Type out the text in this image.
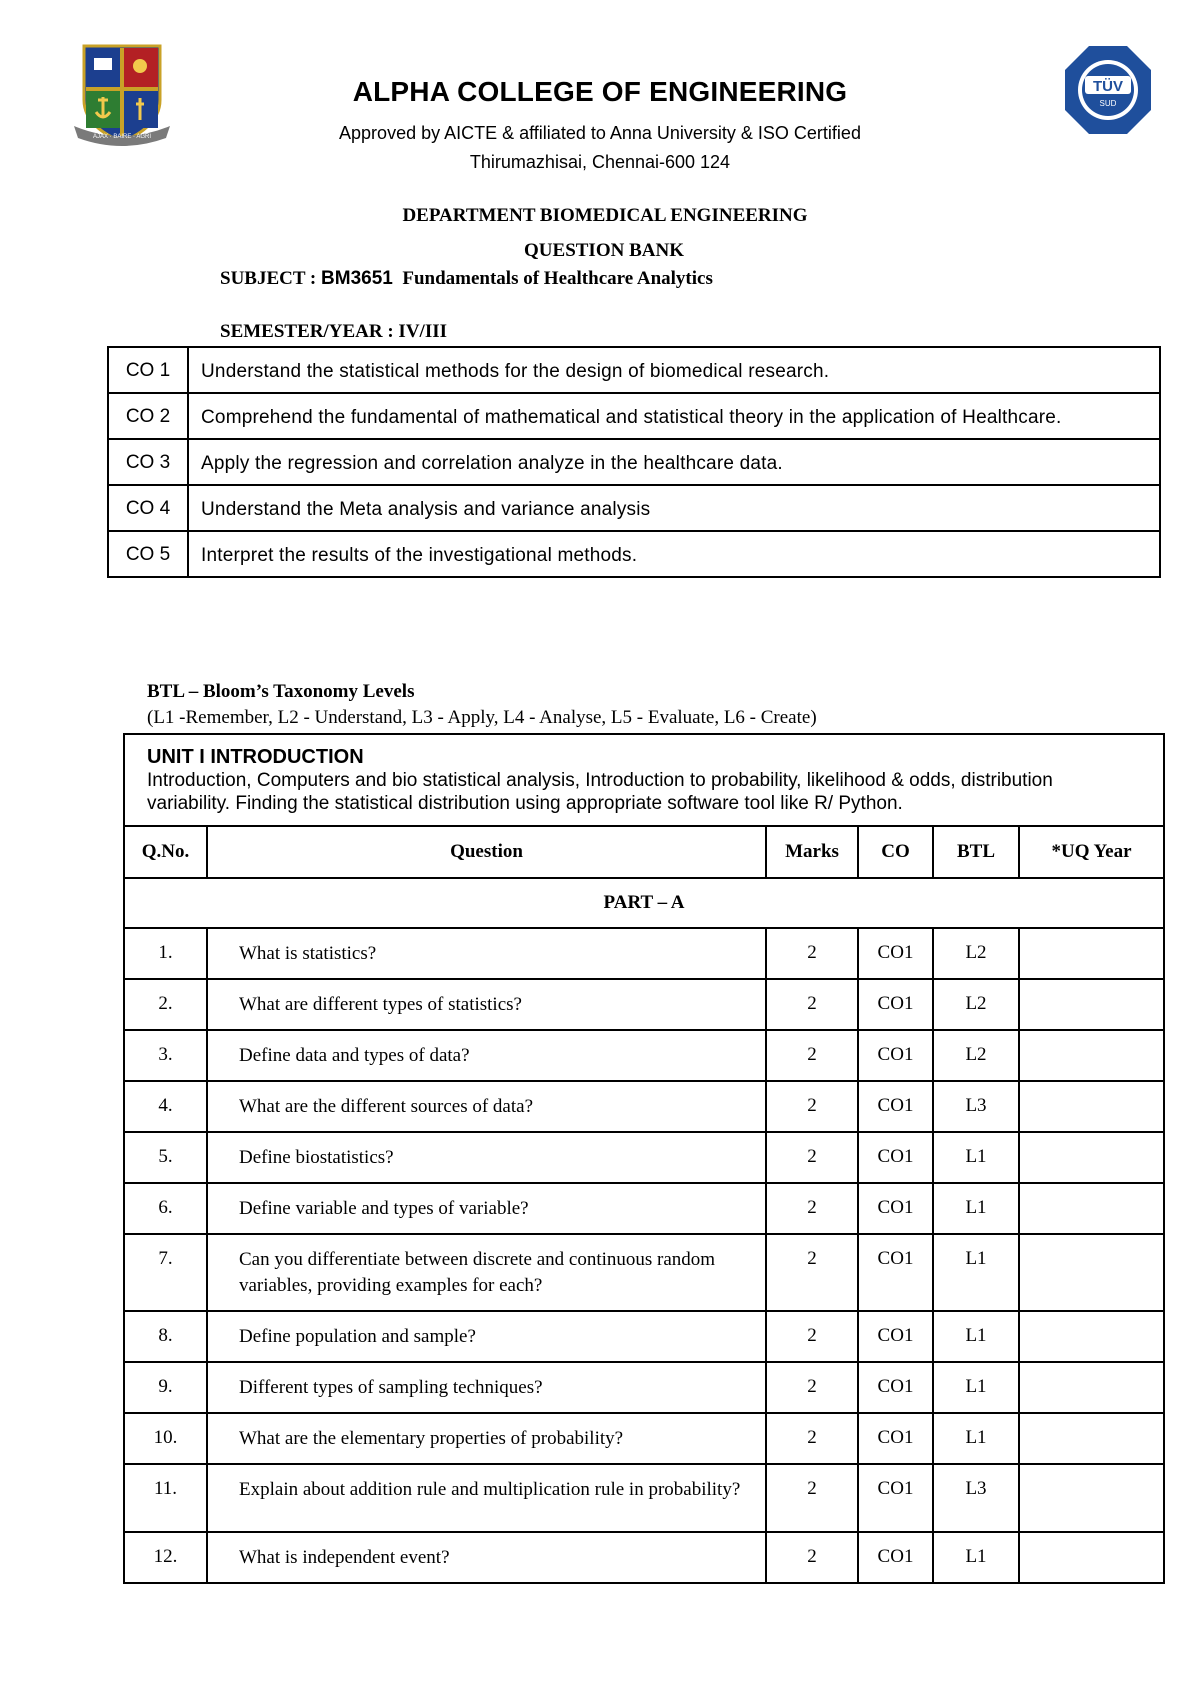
AJAX · BAIRE · AGRI
TÜV
SUD
ALPHA COLLEGE OF ENGINEERING
Approved by AICTE & affiliated to Anna University & ISO Certified
Thirumazhisai, Chennai-600 124
DEPARTMENT BIOMEDICAL ENGINEERING
QUESTION BANK
SUBJECT : BM3651 Fundamentals of Healthcare Analytics
SEMESTER/YEAR : IV/III
CO 1	Understand the statistical methods for the design of biomedical research.
CO 2	Comprehend the fundamental of mathematical and statistical theory in the application of Healthcare.
CO 3	Apply the regression and correlation analyze in the healthcare data.
CO 4	Understand the Meta analysis and variance analysis
CO 5	Interpret the results of the investigational methods.
BTL – Bloom’s Taxonomy Levels
(L1 -Remember, L2 - Understand, L3 - Apply, L4 - Analyse, L5 - Evaluate, L6 - Create)
UNIT I INTRODUCTION
Introduction, Computers and bio statistical analysis, Introduction to probability, likelihood & odds, distribution variability. Finding the statistical distribution using appropriate software tool like R/ Python.					

Q.No.	Question	Marks	CO	BTL	*UQ Year
PART – A					
1.	What is statistics?	2	CO1	L2	
2.	What are different types of statistics?	2	CO1	L2	
3.	Define data and types of data?	2	CO1	L2	
4.	What are the different sources of data?	2	CO1	L3	
5.	Define biostatistics?	2	CO1	L1	
6.	Define variable and types of variable?	2	CO1	L1	
7.	Can you differentiate between discrete and continuous random variables, providing examples for each?	2	CO1	L1	
8.	Define population and sample?	2	CO1	L1	
9.	Different types of sampling techniques?	2	CO1	L1	
10.	What are the elementary properties of probability?	2	CO1	L1	
11.	Explain about addition rule and multiplication rule in probability?	2	CO1	L3	
12.	What is independent event?	2	CO1	L1	
